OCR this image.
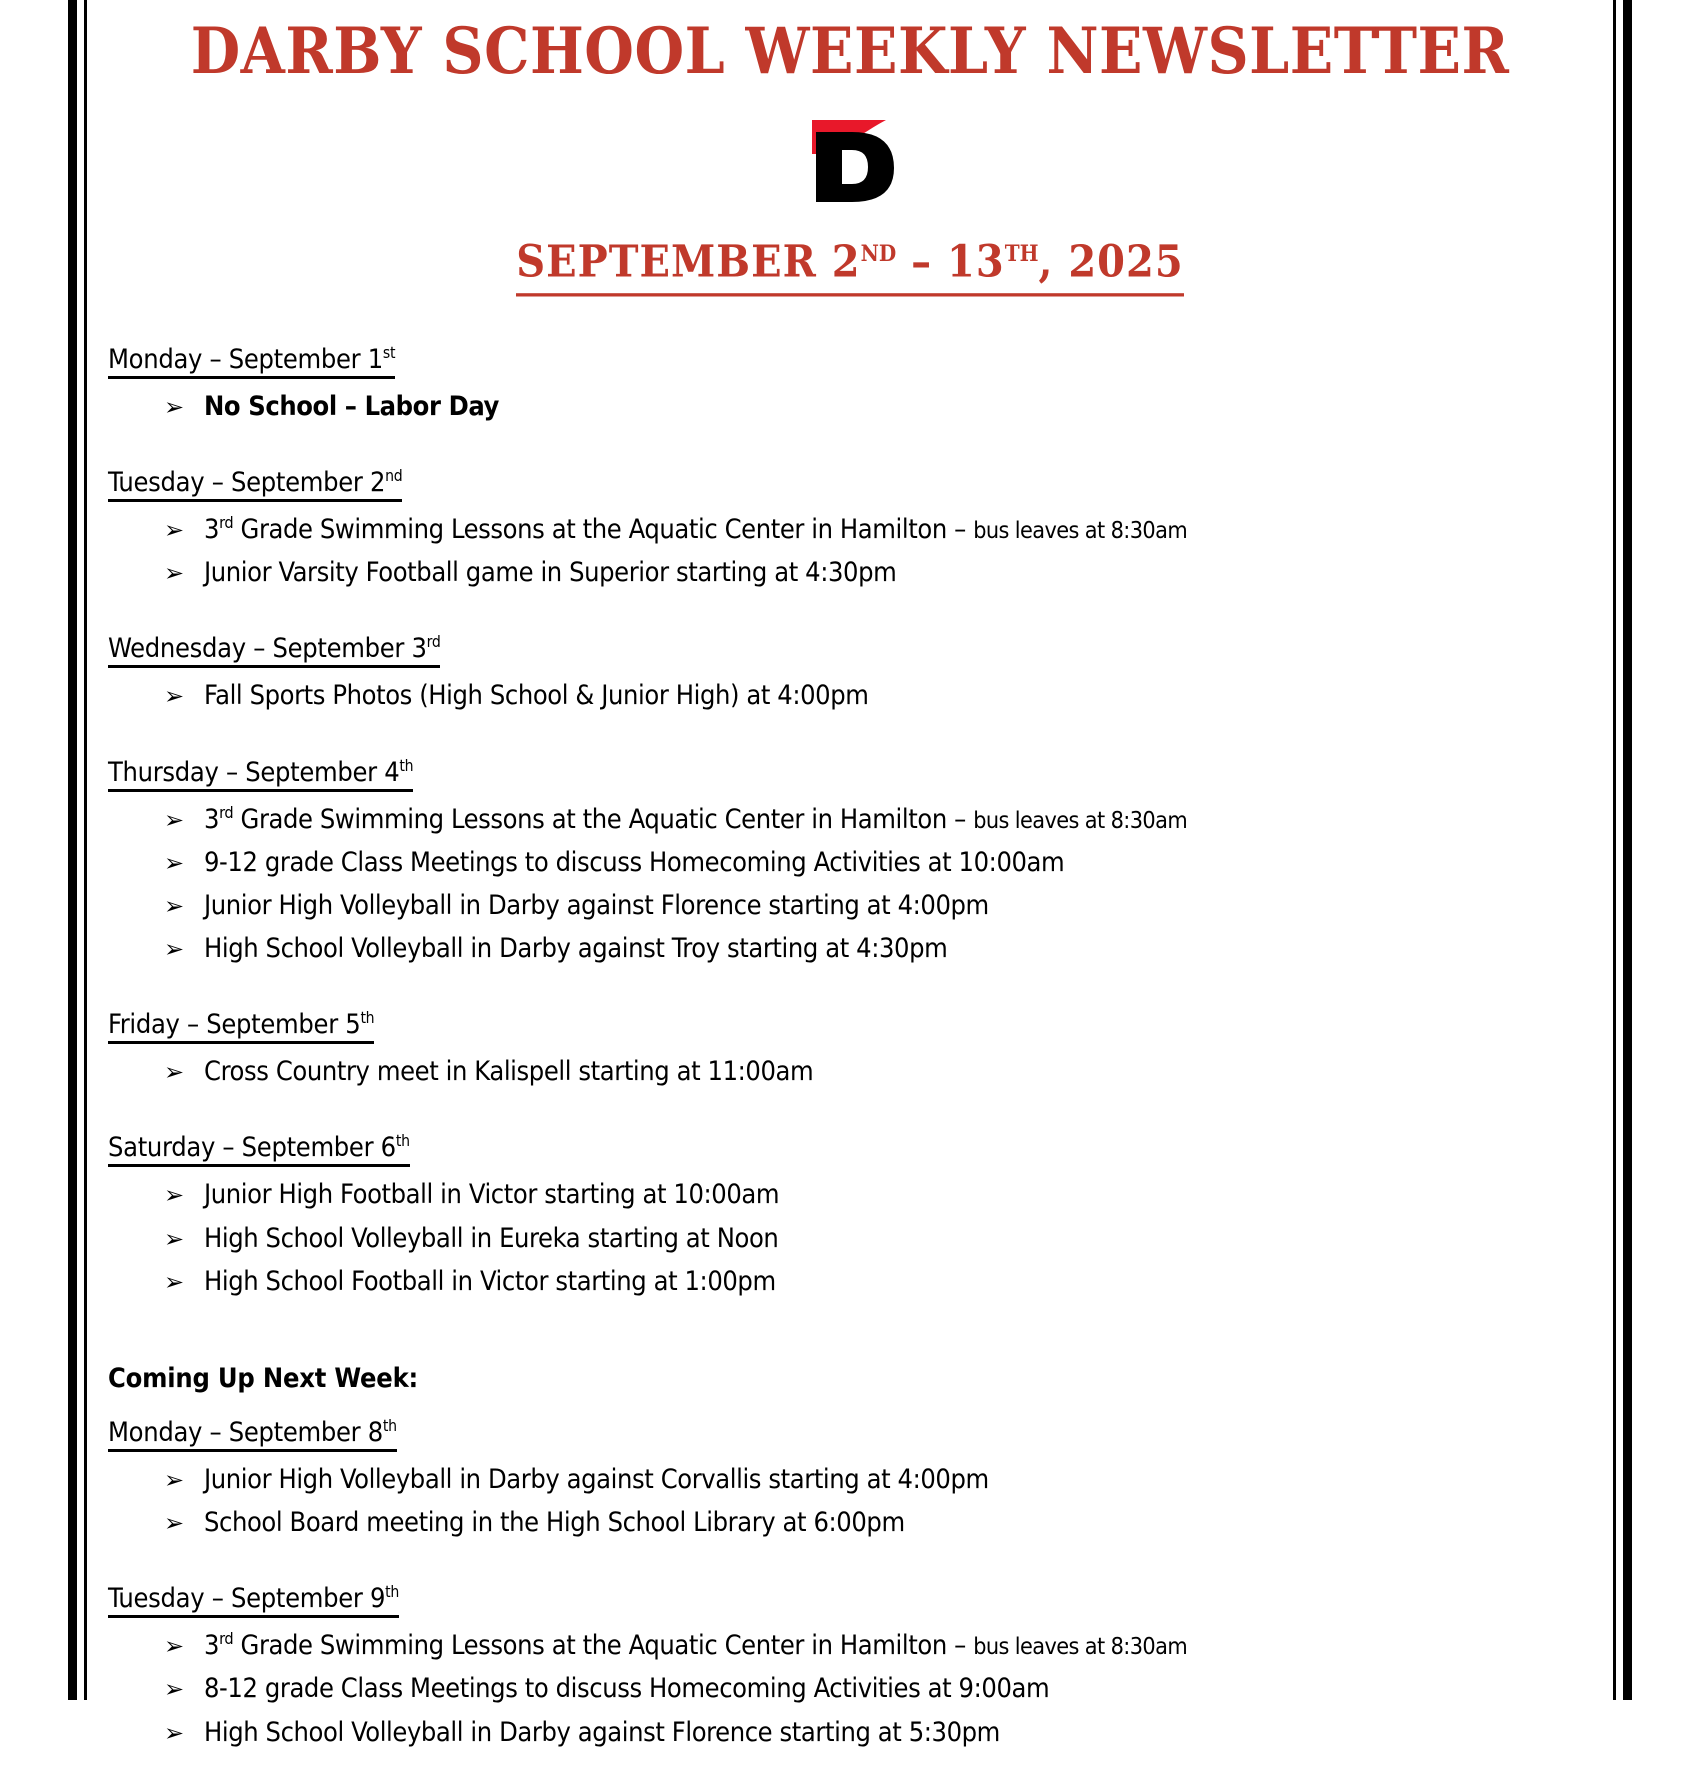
DARBY SCHOOL WEEKLY NEWSLETTER
SEPTEMBER 2ND – 13TH, 2025
Monday – September 1st
➢ No School – Labor Day
Tuesday – September 2nd
➢ 3rd Grade Swimming Lessons at the Aquatic Center in Hamilton – bus leaves at 8:30am
➢ Junior Varsity Football game in Superior starting at 4:30pm
Wednesday – September 3rd
➢ Fall Sports Photos (High School & Junior High) at 4:00pm
Thursday – September 4th
➢ 3rd Grade Swimming Lessons at the Aquatic Center in Hamilton – bus leaves at 8:30am
➢ 9-12 grade Class Meetings to discuss Homecoming Activities at 10:00am
➢ Junior High Volleyball in Darby against Florence starting at 4:00pm
➢ High School Volleyball in Darby against Troy starting at 4:30pm
Friday – September 5th
➢ Cross Country meet in Kalispell starting at 11:00am
Saturday – September 6th
➢ Junior High Football in Victor starting at 10:00am
➢ High School Volleyball in Eureka starting at Noon
➢ High School Football in Victor starting at 1:00pm
Coming Up Next Week:
Monday – September 8th
➢ Junior High Volleyball in Darby against Corvallis starting at 4:00pm
➢ School Board meeting in the High School Library at 6:00pm
Tuesday – September 9th
➢ 3rd Grade Swimming Lessons at the Aquatic Center in Hamilton – bus leaves at 8:30am
➢ 8-12 grade Class Meetings to discuss Homecoming Activities at 9:00am
➢ High School Volleyball in Darby against Florence starting at 5:30pm
